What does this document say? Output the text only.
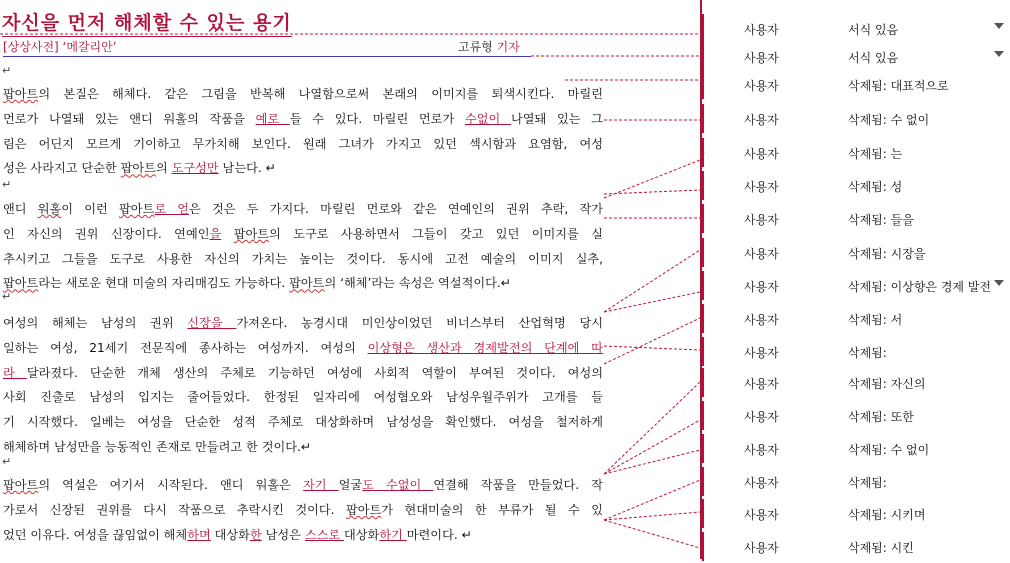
자신을 먼저 해체할 수 있는 용기
[상상사전] ‘메갈리안’	고류형 기자
↵
팝아트의 본질은 해체다. 같은 그림을 반복해 나열함으로써 본래의 이미지를 퇴색시킨다. 마릴린
먼로가 나열돼 있는 앤디 워홀의 작품을 예로 들 수 있다. 마릴린 먼로가 수없이 나열돼 있는 그
림은 어딘지 모르게 기이하고 무가치해 보인다. 원래 그녀가 가지고 있던 섹시함과 요염함, 여성
성은 사라지고 단순한 팝아트의 도구성만 남는다. ↵
↵
앤디 워홀이 이런 팝아트로 얻은 것은 두 가지다. 마릴린 먼로와 같은 연예인의 권위 추락, 작가
인 자신의 권위 신장이다. 연예인을 팝아트의 도구로 사용하면서 그들이 갖고 있던 이미지를 실
추시키고 그들을 도구로 사용한 자신의 가치는 높이는 것이다. 동시에 고전 예술의 이미지 실추,
팝아트라는 새로운 현대 미술의 자리매김도 가능하다. 팝아트의 ‘해체’라는 속성은 역설적이다.↵
↵
여성의 해체는 남성의 권위 신장을 가져온다. 농경시대 미인상이었던 비너스부터 산업혁명 당시
일하는 여성, 21세기 전문직에 종사하는 여성까지. 여성의 이상형은 생산과 경제발전의 단계에 따
라 달라졌다. 단순한 개체 생산의 주체로 기능하던 여성에 사회적 역할이 부여된 것이다. 여성의
사회 진출로 남성의 입지는 줄어들었다. 한정된 일자리에 여성혐오와 남성우월주위가 고개를 들
기 시작했다. 일베는 여성을 단순한 성적 주체로 대상화하며 남성성을 확인했다. 여성을 철저하게
해체하며 남성만을 능동적인 존재로 만들려고 한 것이다.↵
↵
팝아트의 역설은 여기서 시작된다. 앤디 워홀은 자기 얼굴도 수없이 연결해 작품을 만들었다. 작
가로서 신장된 권위를 다시 작품으로 추락시킨 것이다. 팝아트가 현대미술의 한 부류가 될 수 있
었던 이유다. 여성을 끊임없이 해체하며 대상화한 남성은 스스로 대상화하기 마련이다. ↵
사용자	서식 있음
사용자	서식 있음
사용자	삭제됨: 대표적으로
사용자	삭제됨: 수 없이
사용자	삭제됨: 는
사용자	삭제됨: 성
사용자	삭제됨: 들을
사용자	삭제됨: 시장을
사용자	삭제됨: 이상향은 경제 발전
사용자	삭제됨: 서
사용자	삭제됨:
사용자	삭제됨: 자신의
사용자	삭제됨: 또한
사용자	삭제됨: 수 없이
사용자	삭제됨:
사용자	삭제됨: 시키며
사용자	삭제됨: 시킨
